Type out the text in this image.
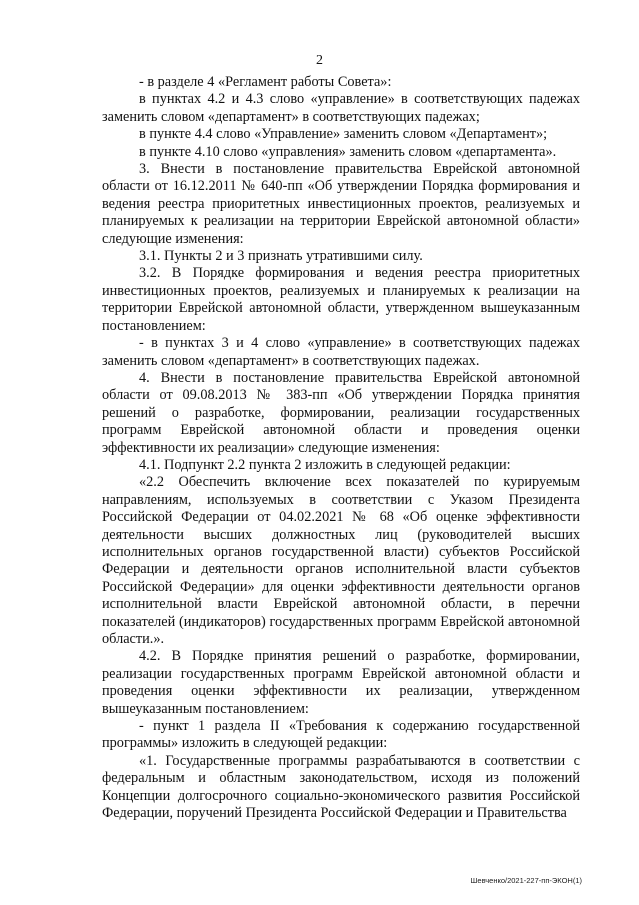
2

- в разделе 4 «Регламент работы Совета»:

в пунктах 4.2 и 4.3 слово «управление» в соответствующих падежах заменить словом «департамент» в соответствующих падежах;

в пункте 4.4 слово «Управление» заменить словом «Департамент»;

в пункте 4.10 слово «управления» заменить словом «департамента».

3. Внести в постановление правительства Еврейской автономной области от 16.12.2011 № 640-пп «Об утверждении Порядка формирования и ведения реестра приоритетных инвестиционных проектов, реализуемых и планируемых к реализации на территории Еврейской автономной области» следующие изменения:

3.1. Пункты 2 и 3 признать утратившими силу.

3.2. В Порядке формирования и ведения реестра приоритетных инвестиционных проектов, реализуемых и планируемых к реализации на территории Еврейской автономной области, утвержденном вышеуказанным постановлением:

- в пунктах 3 и 4 слово «управление» в соответствующих падежах заменить словом «департамент» в соответствующих падежах.

4. Внести в постановление правительства Еврейской автономной области от 09.08.2013 № 383-пп «Об утверждении Порядка принятия решений о разработке, формировании, реализации государственных программ Еврейской автономной области и проведения оценки эффективности их реализации» следующие изменения:

4.1. Подпункт 2.2 пункта 2 изложить в следующей редакции:

«2.2 Обеспечить включение всех показателей по курируемым направлениям, используемых в соответствии с Указом Президента Российской Федерации от 04.02.2021 № 68 «Об оценке эффективности деятельности высших должностных лиц (руководителей высших исполнительных органов государственной власти) субъектов Российской Федерации и деятельности органов исполнительной власти субъектов Российской Федерации» для оценки эффективности деятельности органов исполнительной власти Еврейской автономной области, в перечни показателей (индикаторов) государственных программ Еврейской автономной области.».

4.2. В Порядке принятия решений о разработке, формировании, реализации государственных программ Еврейской автономной области и проведения оценки эффективности их реализации, утвержденном вышеуказанным постановлением:

- пункт 1 раздела II «Требования к содержанию государственной программы» изложить в следующей редакции:

«1. Государственные программы разрабатываются в соответствии с федеральным и областным законодательством, исходя из положений Концепции долгосрочного социально-экономического развития Российской Федерации, поручений Президента Российской Федерации и Правительства

Шевченко/2021-227-пп-ЭКОН(1)
